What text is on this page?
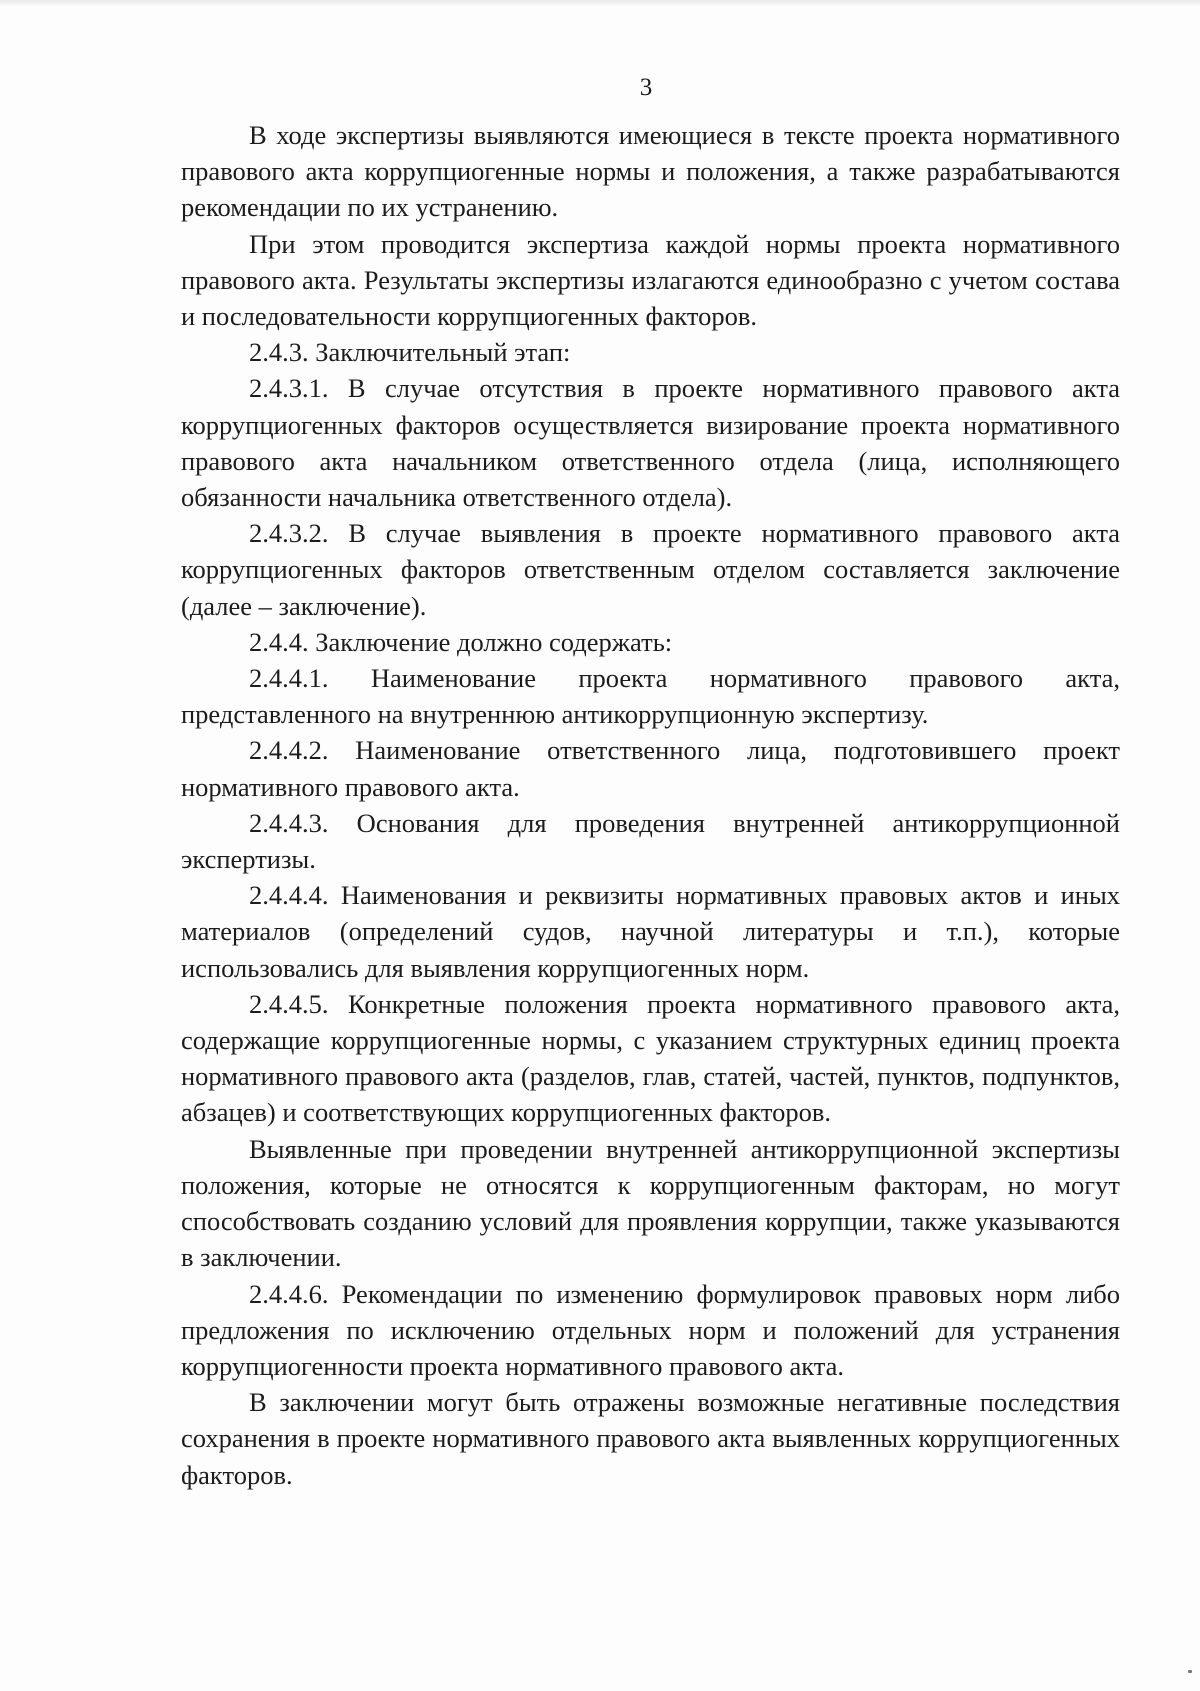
3

В ходе экспертизы выявляются имеющиеся в тексте проекта нормативного правового акта коррупциогенные нормы и положения, а также разрабатываются рекомендации по их устранению.

При этом проводится экспертиза каждой нормы проекта нормативного правового акта. Результаты экспертизы излагаются единообразно с учетом состава и последовательности коррупциогенных факторов.

2.4.3. Заключительный этап:

2.4.3.1. В случае отсутствия в проекте нормативного правового акта коррупциогенных факторов осуществляется визирование проекта нормативного правового акта начальником ответственного отдела (лица, исполняющего обязанности начальника ответственного отдела).

2.4.3.2. В случае выявления в проекте нормативного правового акта коррупциогенных факторов ответственным отделом составляется заключение (далее – заключение).

2.4.4. Заключение должно содержать:

2.4.4.1. Наименование проекта нормативного правового акта, представленного на внутреннюю антикоррупционную экспертизу.

2.4.4.2. Наименование ответственного лица, подготовившего проект нормативного правового акта.

2.4.4.3. Основания для проведения внутренней антикоррупционной экспертизы.

2.4.4.4. Наименования и реквизиты нормативных правовых актов и иных материалов (определений судов, научной литературы и т.п.), которые использовались для выявления коррупциогенных норм.

2.4.4.5. Конкретные положения проекта нормативного правового акта, содержащие коррупциогенные нормы, с указанием структурных единиц проекта нормативного правового акта (разделов, глав, статей, частей, пунктов, подпунктов, абзацев) и соответствующих коррупциогенных факторов.

Выявленные при проведении внутренней антикоррупционной экспертизы положения, которые не относятся к коррупциогенным факторам, но могут способствовать созданию условий для проявления коррупции, также указываются в заключении.

2.4.4.6. Рекомендации по изменению формулировок правовых норм либо предложения по исключению отдельных норм и положений для устранения коррупциогенности проекта нормативного правового акта.

В заключении могут быть отражены возможные негативные последствия сохранения в проекте нормативного правового акта выявленных коррупциогенных факторов.
